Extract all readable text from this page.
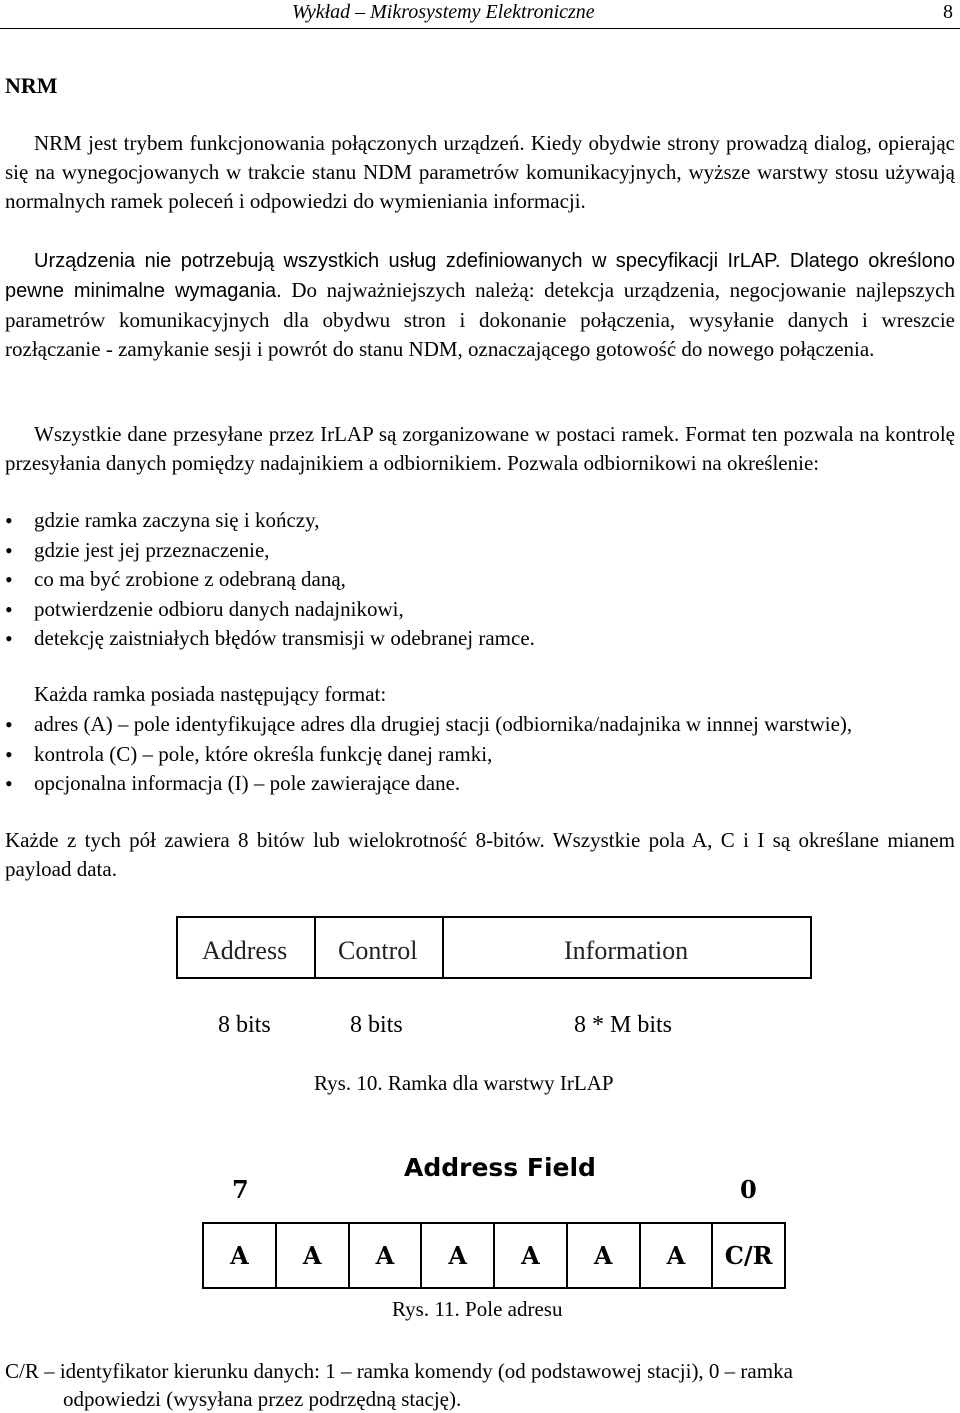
Wykład – Mikrosystemy Elektroniczne	8
NRM

NRM jest trybem funkcjonowania połączonych urządzeń. Kiedy obydwie strony prowadzą dialog, opierając się na wynegocjowanych w trakcie stanu NDM parametrów komunikacyjnych, wyższe warstwy stosu używają normalnych ramek poleceń i odpowiedzi do wymieniania informacji.

Urządzenia nie potrzebują wszystkich usług zdefiniowanych w specyfikacji IrLAP. Dlatego określono pewne minimalne wymagania. Do najważniejszych należą: detekcja urządzenia, negocjowanie najlepszych parametrów komunikacyjnych dla obydwu stron i dokonanie połączenia, wysyłanie danych i wreszcie rozłączanie - zamykanie sesji i powrót do stanu NDM, oznaczającego gotowość do nowego połączenia.

Wszystkie dane przesyłane przez IrLAP są zorganizowane w postaci ramek. Format ten pozwala na kontrolę przesyłania danych pomiędzy nadajnikiem a odbiornikiem. Pozwala odbiornikowi na określenie:

• gdzie ramka zaczyna się i kończy,
• gdzie jest jej przeznaczenie,
• co ma być zrobione z odebraną daną,
• potwierdzenie odbioru danych nadajnikowi,
• detekcję zaistniałych błędów transmisji w odebranej ramce.

Każda ramka posiada następujący format:

• adres (A) – pole identyfikujące adres dla drugiej stacji (odbiornika/nadajnika w innnej warstwie),
• kontrola (C) – pole, które określa funkcję danej ramki,
• opcjonalna informacja (I) – pole zawierające dane.

Każde z tych pół zawiera 8 bitów lub wielokrotność 8-bitów. Wszystkie pola A, C i I są określane mianem payload data.

Address Control	Information
8 bits	8 bits	8 * M bits
Rys. 10. Ramka dla warstwy IrLAP
Address Field
7	0
A	A	A	A	A	A	A	C/R
Rys. 11. Pole adresu
C/R – identyfikator kierunku danych: 1 – ramka komendy (od podstawowej stacji), 0 – ramka
odpowiedzi (wysyłana przez podrzędną stację).
